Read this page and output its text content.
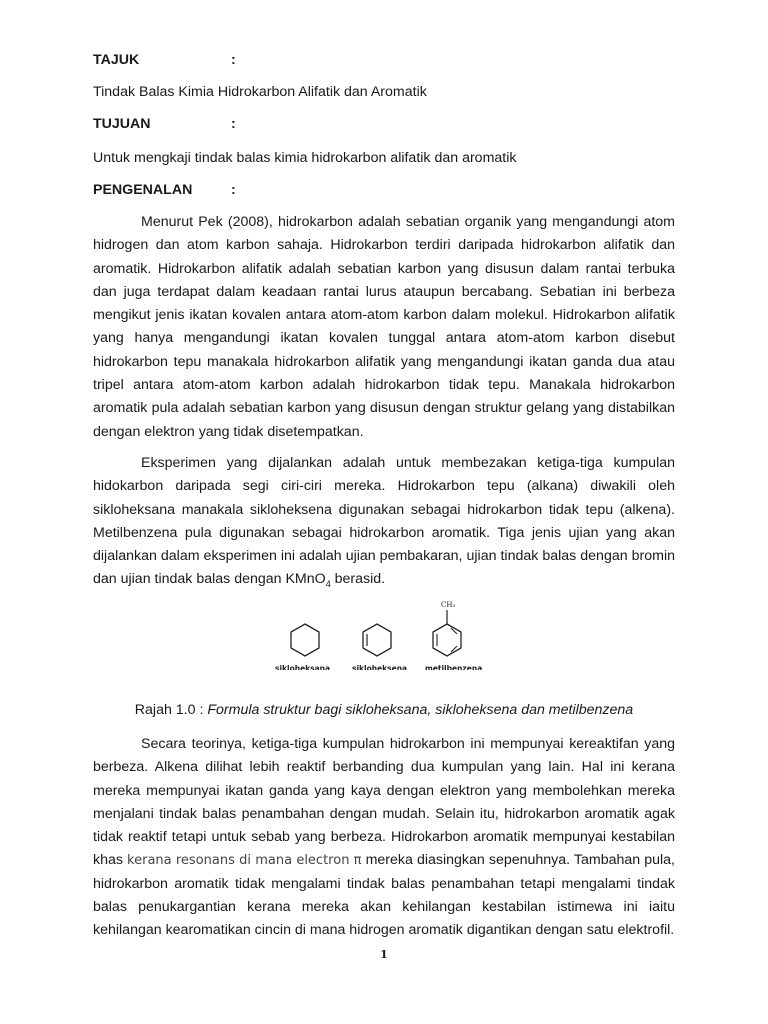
TAJUK	:
Tindak Balas Kimia Hidrokarbon Alifatik dan Aromatik
TUJUAN	:
Untuk mengkaji tindak balas kimia hidrokarbon alifatik dan aromatik
PENGENALAN	:
Menurut Pek (2008), hidrokarbon adalah sebatian organik yang mengandungi atom hidrogen dan atom karbon sahaja. Hidrokarbon terdiri daripada hidrokarbon alifatik dan aromatik. Hidrokarbon alifatik adalah sebatian karbon yang disusun dalam rantai terbuka dan juga terdapat dalam keadaan rantai lurus ataupun bercabang. Sebatian ini berbeza mengikut jenis ikatan kovalen antara atom-atom karbon dalam molekul. Hidrokarbon alifatik yang hanya mengandungi ikatan kovalen tunggal antara atom-atom karbon disebut hidrokarbon tepu manakala hidrokarbon alifatik yang mengandungi ikatan ganda dua atau tripel antara atom-atom karbon adalah hidrokarbon tidak tepu. Manakala hidrokarbon aromatik pula adalah sebatian karbon yang disusun dengan struktur gelang yang distabilkan dengan elektron yang tidak disetempatkan.
Eksperimen yang dijalankan adalah untuk membezakan ketiga-tiga kumpulan hidokarbon daripada segi ciri-ciri mereka. Hidrokarbon tepu (alkana) diwakili oleh sikloheksana manakala sikloheksena digunakan sebagai hidrokarbon tidak tepu (alkena). Metilbenzena pula digunakan sebagai hidrokarbon aromatik. Tiga jenis ujian yang akan dijalankan dalam eksperimen ini adalah ujian pembakaran, ujian tindak balas dengan bromin dan ujian tindak balas dengan KMnO$_4$ berasid.
CH₃
sikloheksana	sikloheksena metilbenzena
Rajah 1.0 : Formula struktur bagi sikloheksana, sikloheksena dan metilbenzena
Secara teorinya, ketiga-tiga kumpulan hidrokarbon ini mempunyai kereaktifan yang berbeza. Alkena dilihat lebih reaktif berbanding dua kumpulan yang lain. Hal ini kerana mereka mempunyai ikatan ganda yang kaya dengan elektron yang membolehkan mereka menjalani tindak balas penambahan dengan mudah. Selain itu, hidrokarbon aromatik agak tidak reaktif tetapi untuk sebab yang berbeza. Hidrokarbon aromatik mempunyai kestabilan khas kerana resonans di mana electron π mereka diasingkan sepenuhnya. Tambahan pula, hidrokarbon aromatik tidak mengalami tindak balas penambahan tetapi mengalami tindak balas penukargantian kerana mereka akan kehilangan kestabilan istimewa ini iaitu kehilangan kearomatikan cincin di mana hidrogen aromatik digantikan dengan satu elektrofil.
1
